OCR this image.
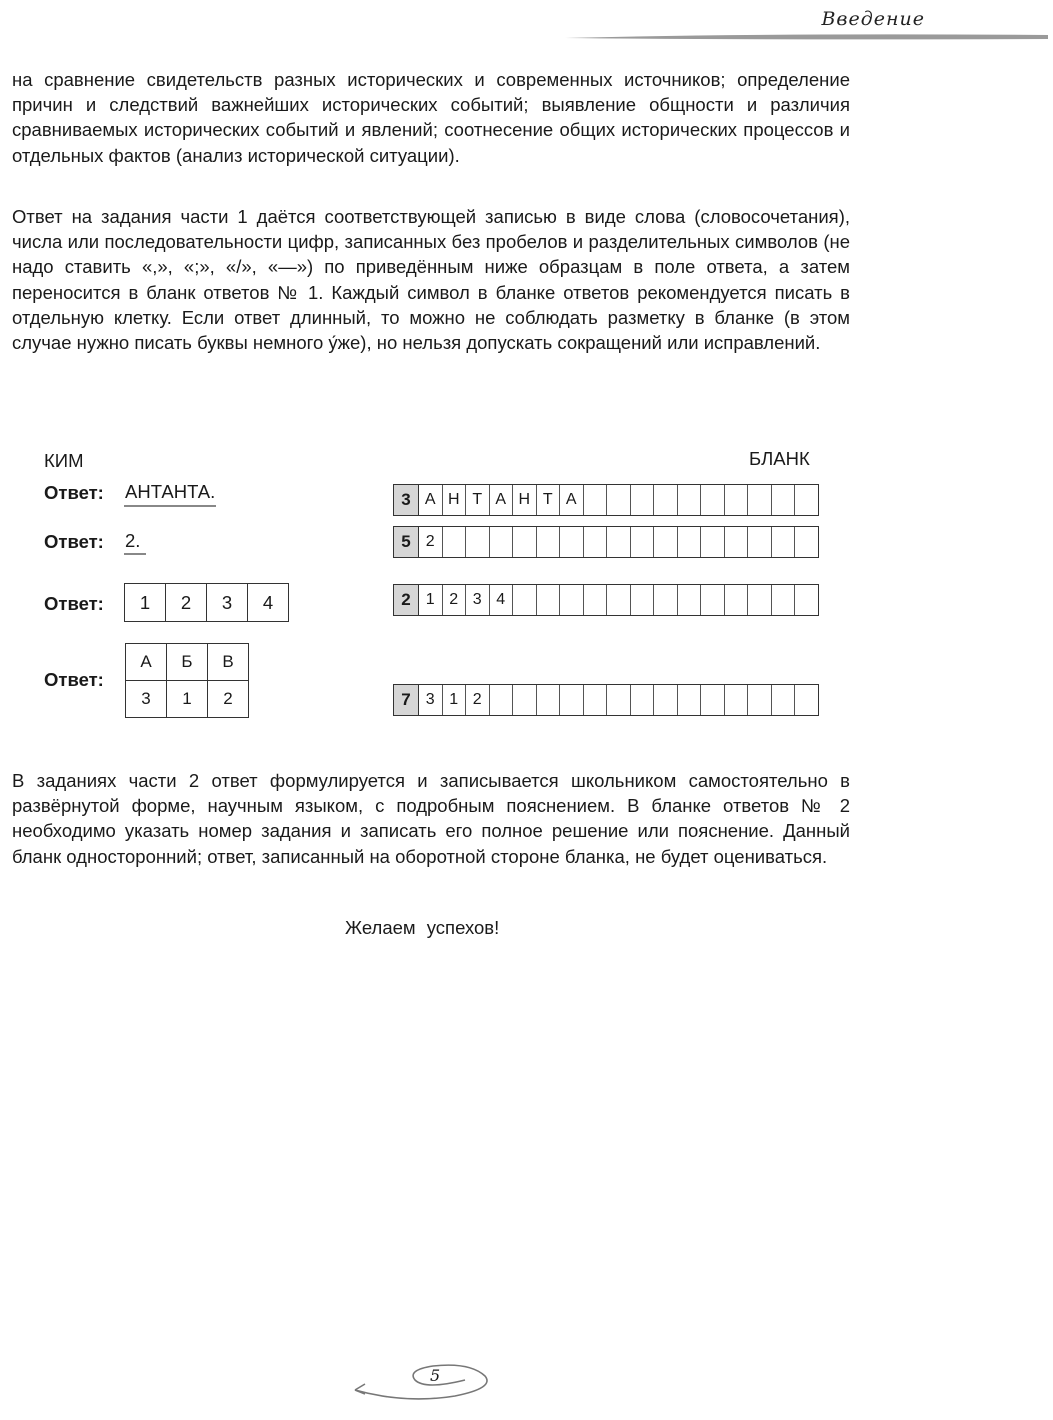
Введение

на сравнение свидетельств разных исторических и современных источников; определение причин и следствий важнейших исторических событий; выявление общности и различия сравниваемых исторических событий и явлений; соотнесение общих исторических процессов и отдельных фактов (анализ исторической ситуации).

Ответ на задания части 1 даётся соответствующей записью в виде слова (словосочетания), числа или последовательности цифр, записанных без пробелов и разделительных символов (не надо ставить «,», «;», «/», «—») по приведённым ниже образцам в поле ответа, а затем переносится в бланк ответов № 1. Каждый символ в бланке ответов рекомендуется писать в отдельную клетку. Если ответ длинный, то можно не соблюдать разметку в бланке (в этом случае нужно писать буквы немного у́же), но нельзя допускать сокращений или исправлений.

КИМ	БЛАНК
Ответ: АНТАНТА.
Ответ: 2.
Ответ:	1	2	3	4
Ответ:
А	Б	В
3	1	2
3 А Н Т А Н Т А
5 2
2 1 2 3 4
7 3 1 2

В заданиях части 2 ответ формулируется и записывается школьником самостоятельно в развёрнутой форме, научным языком, с подробным пояснением. В бланке ответов № 2 необходимо указать номер задания и записать его полное решение или пояснение. Данный бланк односторонний; ответ, записанный на оборотной стороне бланка, не будет оцениваться.

Желаем успехов!
5
